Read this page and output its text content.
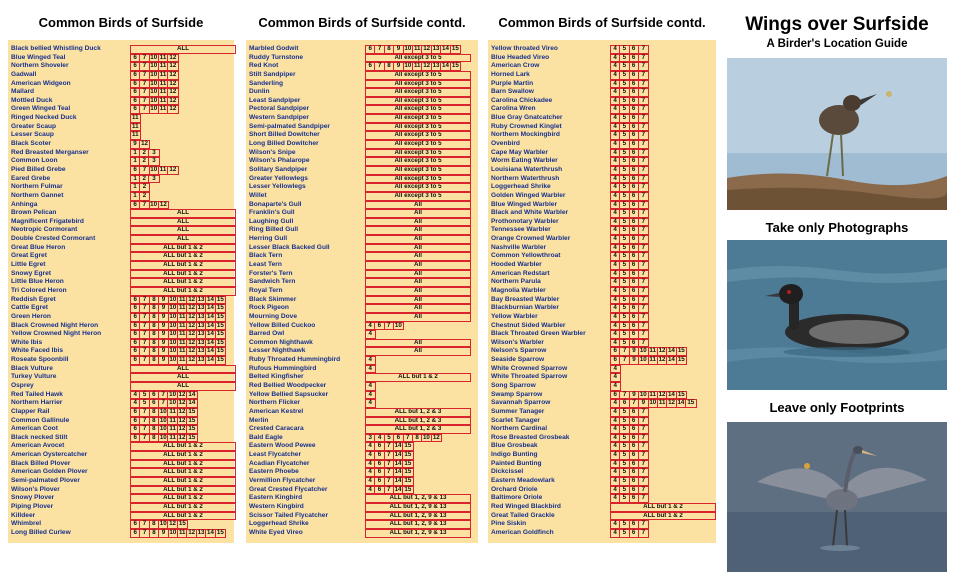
Common Birds of Surfside
Black bellied Whistling Duck	ALL
Blue Winged Teal	6 7 10 11 12
Northern Shoveler	6 7 10 11 12
Gadwall	6 7 10 11 12
American Widgeon	6 7 10 11 12
Mallard	6 7 10 11 12
Mottled Duck	6 7 10 11 12
Green Winged Teal	6 7 10 11 12
Ringed Necked Duck	11
Greater Scaup	11
Lesser Scaup	11
Black Scoter	9 12
Red Breasted Merganser	1 2	3
Common Loon	1 2	3
Pied Billed Grebe	6 7 10 11 12
Eared Grebe	1 2	3
Northern Fulmar	1 2
Northern Gannet	1 2
Anhinga	6 7 10 12
Brown Pelican	ALL
Magnificent Frigatebird	ALL
Neotropic Cormorant	ALL
Double Crested Cormorant	ALL
Great Blue Heron	ALL but 1 & 2
Great Egret	ALL but 1 & 2
Little Egret	ALL but 1 & 2
Snowy Egret	ALL but 1 & 2
Little Blue Heron	ALL but 1 & 2
Tri Colored Heron	ALL but 1 & 2
Reddish Egret	6 7 8 9 10 11 12 13 14 15
Cattle Egret	6 7 8 9 10 11 12 13 14 15
Green Heron	6 7 8 9 10 11 12 13 14 15
Black Crowned Night Heron	6 7 8 9 10 11 12 13 14 15
Yellow Crowned Night Heron	6 7 8 9 10 11 12 13 14 15
White Ibis	6 7 8 9 10 11 12 13 14 15
White Faced Ibis	6 7 8 9 10 11 12 13 14 15
Roseate Spoonbill	6 7 8 9 10 11 12 13 14 15
Black Vulture	ALL
Turkey Vulture	ALL
Osprey	ALL
Red Tailed Hawk	4 5 6 7 10 12 14
Northern Harrier	4 5 6 7 10 12 14
Clapper Rail	6 7 8 10 11 12 15
Common Gallinule	6 7 8 10 11 12 15
American Coot	6 7 8 10 11 12 15
Black necked Stilt	6 7 8 10 11 12 15
American Avocet	ALL but 1 & 2
American Oystercatcher	ALL but 1 & 2
Black Billed Plover	ALL but 1 & 2
American Golden Plover	ALL but 1 & 2
Semi-palmated Plover	ALL but 1 & 2
Wilson's Plover	ALL but 1 & 2
Snowy Plover	ALL but 1 & 2
Piping Plover	ALL but 1 & 2
Killdeer	ALL but 1 & 2
Whimbrel	6 7 8 10 12 15
Long Billed Curlew	6 7 8 9 10 11 12 13 14 15
Common Birds of Surfside contd.
Marbled Godwit	6 7 8 9 10 11 12 13 14 15
Ruddy Turnstone	All except 3 to 5
Red Knot	6 7 8 9 10 11 12 13 14 15
Stilt Sandpiper	All except 3 to 5
Sanderling	All except 3 to 5
Dunlin	All except 3 to 5
Least Sandpiper	All except 3 to 5
Pectoral Sandpiper	All except 3 to 5
Western Sandpiper	All except 3 to 5
Semi-palmated Sandpiper	All except 3 to 5
Short Billed Dowitcher	All except 3 to 5
Long Billed Dowitcher	All except 3 to 5
Wilson's Snipe	All except 3 to 5
Wilson's Phalarope	All except 3 to 5
Solitary Sandpiper	All except 3 to 5
Greater Yellowlegs	All except 3 to 5
Lesser Yellowlegs	All except 3 to 5
Willet	All except 3 to 5
Bonaparte's Gull	All
Franklin's Gull	All
Laughing Gull	All
Ring Billed Gull	All
Herring Gull	All
Lesser Black Backed Gull	All
Black Tern	All
Least Tern	All
Forster's Tern	All
Sandwich Tern	All
Royal Tern	All
Black Skimmer	All
Rock Pigeon	All
Mourning Dove	All
Yellow Billed Cuckoo	4 6 7 10
Barred Owl	4
Common Nighthawk	All
Lesser Nighthawk	All
Ruby Throated Hummingbird	4
Rufous Hummingbird	4
Belted Kingfisher	ALL but 1 & 2
Red Bellied Woodpecker	4
Yellow Bellied Sapsucker	4
Northern Flicker	4
American Kestrel	ALL but 1, 2 & 3
Merlin	ALL but 1, 2 & 3
Crested Caracara	ALL but 1, 2 & 3
Bald Eagle	3 4 5 6 7 8 10 12
Eastern Wood Pewee	4 6 7 14 15
Least Flycatcher	4 6 7 14 15
Acadian Flycatcher	4 6 7 14 15
Eastern Phoebe	4 6 7 14 15
Vermillion Flycatcher	4 6 7 14 15
Great Crested Flycatcher	4 6 7 14 15
Eastern Kingbird	ALL but 1, 2, 9 & 13
Western Kingbird	ALL but 1, 2, 9 & 13
Scissor Tailed Flycatcher	ALL but 1, 2, 9 & 13
Loggerhead Shrike	ALL but 1, 2, 9 & 13
White Eyed Vireo	ALL but 1, 2, 9 & 13
Common Birds of Surfside contd.
Yellow throated Vireo	4 5 6	7
Blue Headed Vireo	4 5 6	7
American Crow	4 5 6	7
Horned Lark	4 5 6	7
Purple Martin	4 5 6	7
Barn Swallow	4 5 6	7
Carolina Chickadee	4 5 6	7
Carolina Wren	4 5 6	7
Blue Gray Gnatcatcher	4 5 6	7
Ruby Crowned Kinglet	4 5 6	7
Northern Mockingbird	4 5 6	7
Ovenbird	4 5 6	7
Cape May Warbler	4 5 6	7
Worm Eating Warbler	4 5 6	7
Louisiana Waterthrush	4 5 6	7
Northern Waterthrush	4 5 6	7
Loggerhead Shrike	4 5 6	7
Golden Winged Warbler	4 5 6	7
Blue Winged Warbler	4 5 6	7
Black and White Warbler	4 5 6	7
Prothonotary Warbler	4 5 6	7
Tennessee Warbler	4 5 6	7
Orange Crowned Warbler	4 5 6	7
Nashville Warbler	4 5 6	7
Common Yellowthroat	4 5 6	7
Hooded Warbler	4 5 6	7
American Redstart	4 5 6	7
Northern Parula	4 5 6	7
Magnolia Warbler	4 5 6	7
Bay Breasted Warbler	4 5 6	7
Blackburnian Warbler	4 5 6	7
Yellow Warbler	4 5 6	7
Chestnut Sided Warbler	4 5 6	7
Black Throated Green Warbler	4 5 6	7
Wilson's Warbler	4 5 6	7
Nelson's Sparrow	6 7 9 10 11 12 14 15
Seaside Sparrow	6 7 9 10 11 12 14 15
White Crowned Sparrow	4
White Throated Sparrow	4
Song Sparrow	4
Swamp Sparrow	6 7 9 10 11 12 14 15
Savannah Sparrow	4 6 7 9 10 11 12 14 15
Summer Tanager	4 5 6	7
Scarlet Tanager	4 5 6	7
Northern Cardinal	4 5 6	7
Rose Breasted Grosbeak	4 5 6	7
Blue Grosbeak	4 5 6	7
Indigo Bunting	4 5 6	7
Painted Bunting	4 5 6	7
Dickcissel	4 5 6	7
Eastern Meadowlark	4 5 6	7
Orchard Oriole	4 5 6	7
Baltimore Oriole	4 5 6	7
Red Winged Blackbird	ALL but 1 & 2
Great Tailed Grackle	ALL but 1 & 2
Pine Siskin	4 5 6	7
American Goldfinch	4 5 6	7
Wings over Surfside
A Birder's Location Guide
Take only Photographs
Leave only Footprints
